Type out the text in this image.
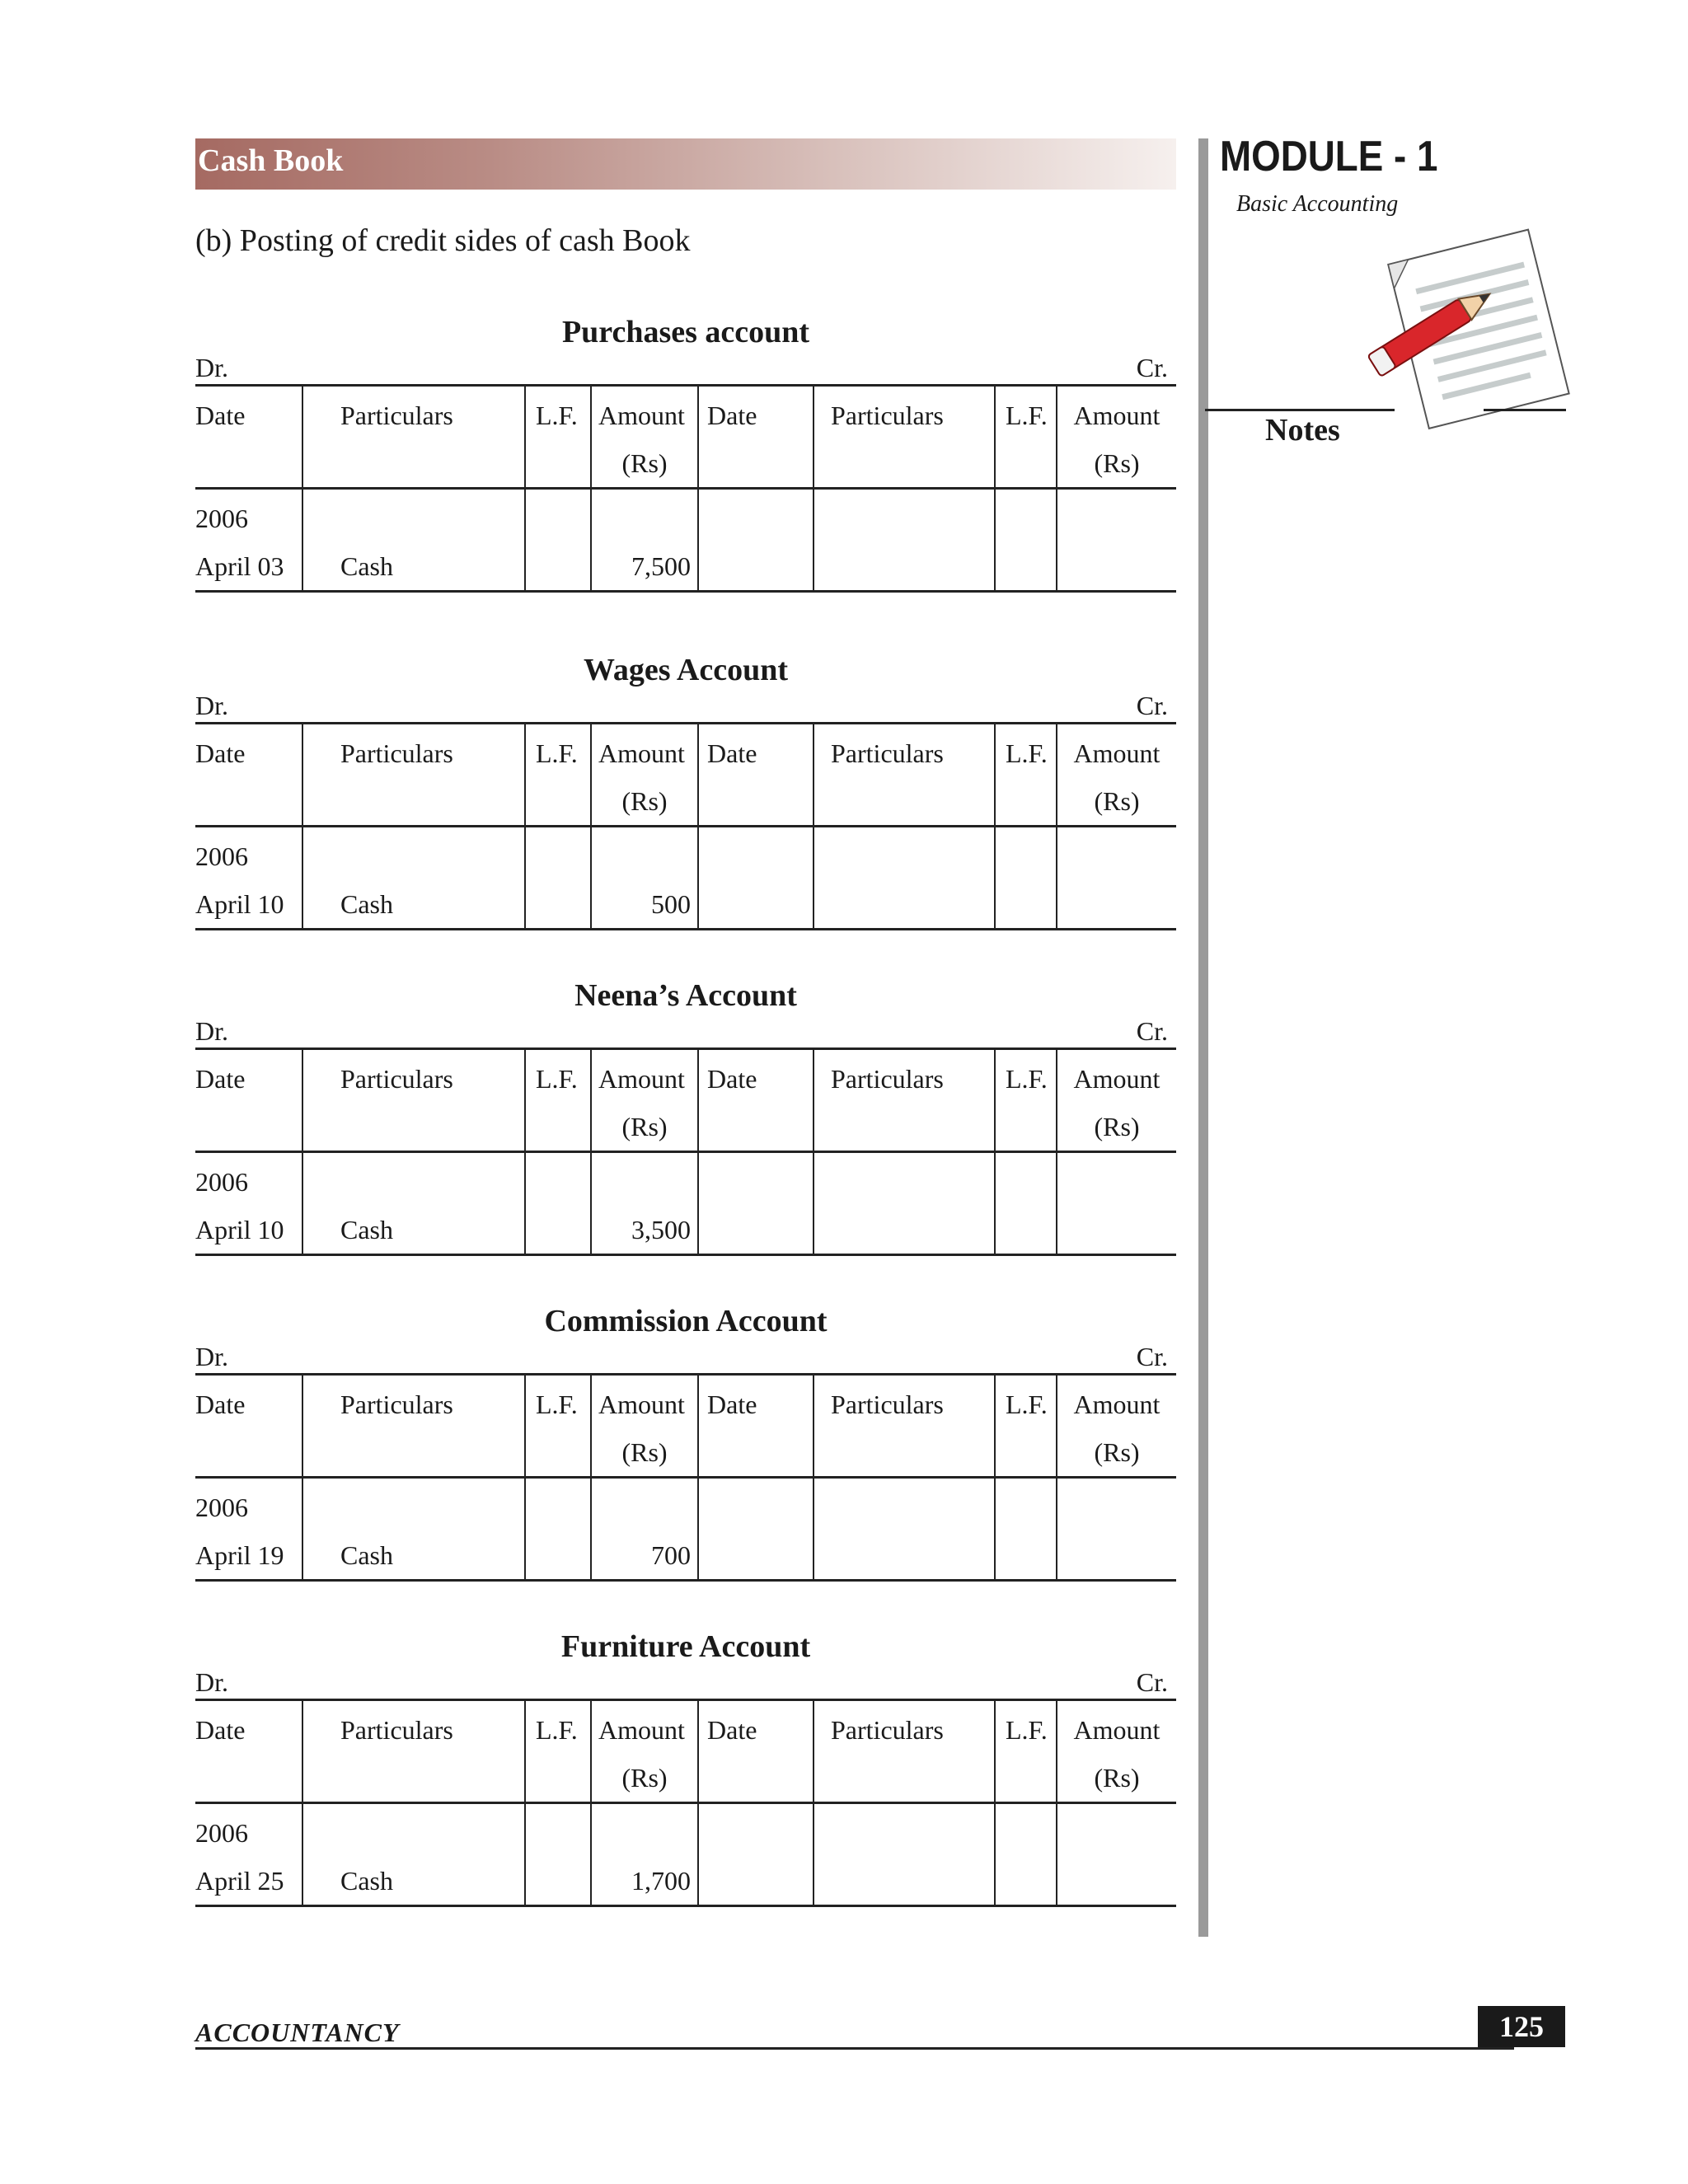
Cash Book
(b) Posting of credit sides of cash Book
MODULE - 1
Basic Accounting
Notes
Purchases account
Dr.	Cr.
Date	Particulars	L.F.	Amount	Date	Particulars	L.F.	Amount
			(Rs)				(Rs)
2006							
April 03	Cash		7,500				
Wages Account
Dr.	Cr.
Date	Particulars	L.F.	Amount	Date	Particulars	L.F.	Amount
			(Rs)				(Rs)
2006							
April 10	Cash		500				
Neena’s Account
Dr.	Cr.
Date	Particulars	L.F.	Amount	Date	Particulars	L.F.	Amount
			(Rs)				(Rs)
2006							
April 10	Cash		3,500				
Commission Account
Dr.	Cr.
Date	Particulars	L.F.	Amount	Date	Particulars	L.F.	Amount
			(Rs)				(Rs)
2006							
April 19	Cash		700				
Furniture Account
Dr.	Cr.
Date	Particulars	L.F.	Amount	Date	Particulars	L.F.	Amount
			(Rs)				(Rs)
2006							
April 25	Cash		1,700				
ACCOUNTANCY	125
